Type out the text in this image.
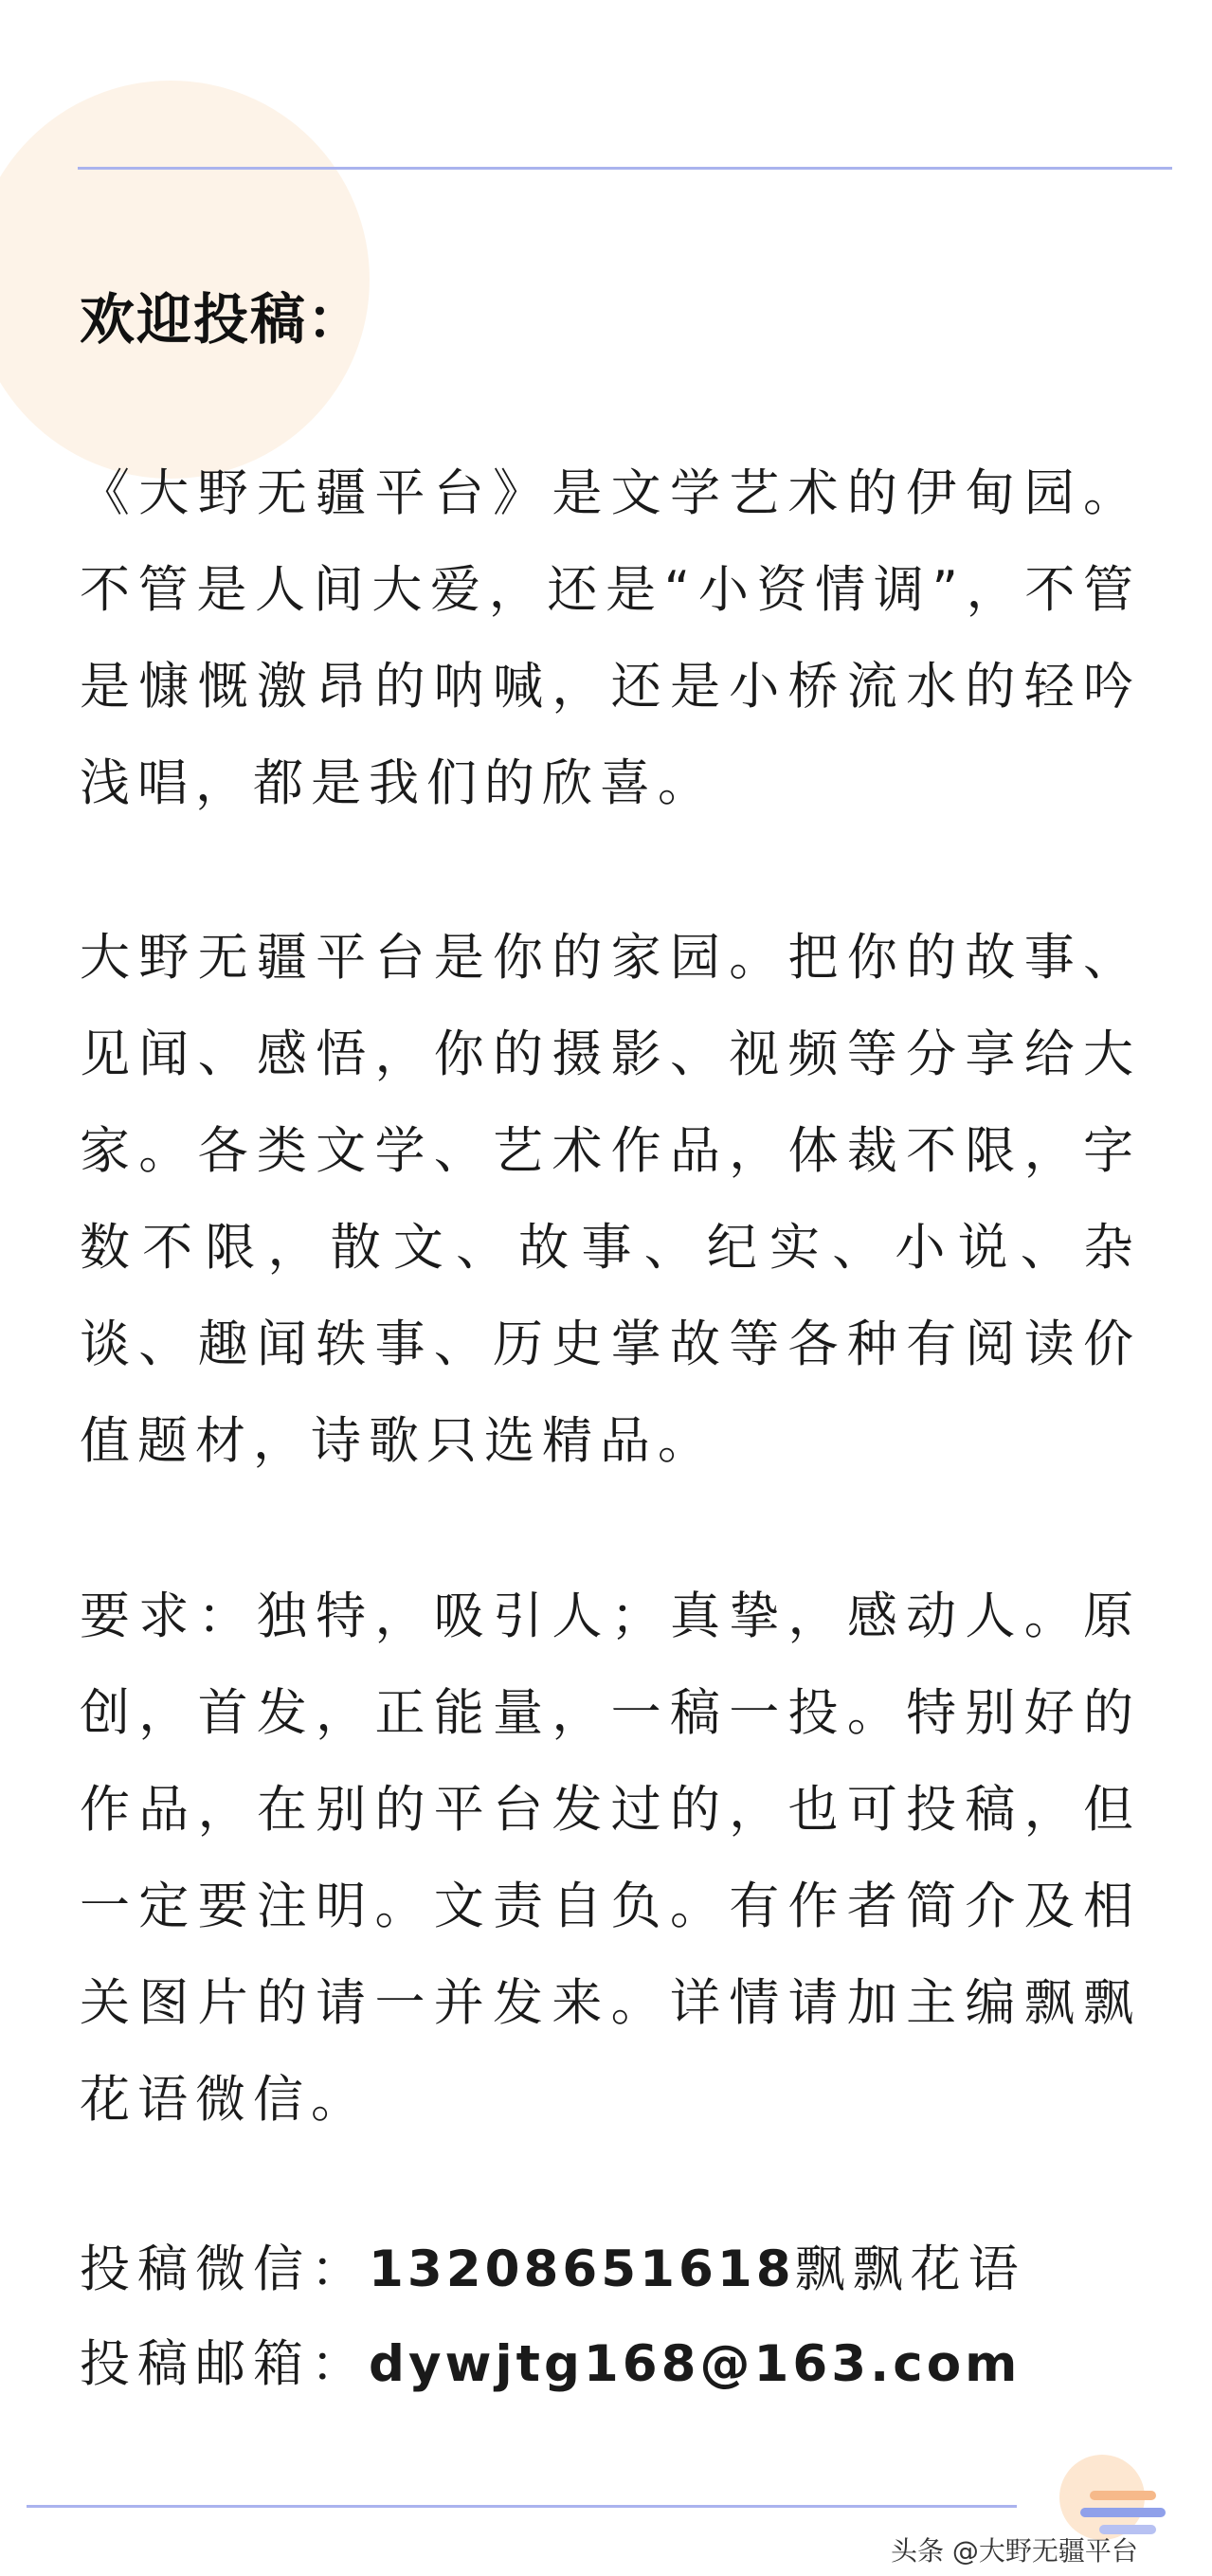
欢迎投稿：

《大野无疆平台》是文学艺术的伊甸园。不管是人间大爱，还是“小资情调”，不管是慷慨激昂的呐喊，还是小桥流水的轻吟浅唱，都是我们的欣喜。

大野无疆平台是你的家园。把你的故事、见闻、感悟，你的摄影、视频等分享给大家。各类文学、艺术作品，体裁不限，字数不限，散文、故事、纪实、小说、杂谈、趣闻轶事、历史掌故等各种有阅读价值题材，诗歌只选精品。

要求：独特，吸引人；真挚，感动人。原创，首发，正能量，一稿一投。特别好的作品，在别的平台发过的，也可投稿，但一定要注明。文责自负。有作者简介及相关图片的请一并发来。详情请加主编飘飘花语微信。

投稿微信：13208651618飘飘花语
投稿邮箱：dywjtg168@163.com
头条 @大野无疆平台
